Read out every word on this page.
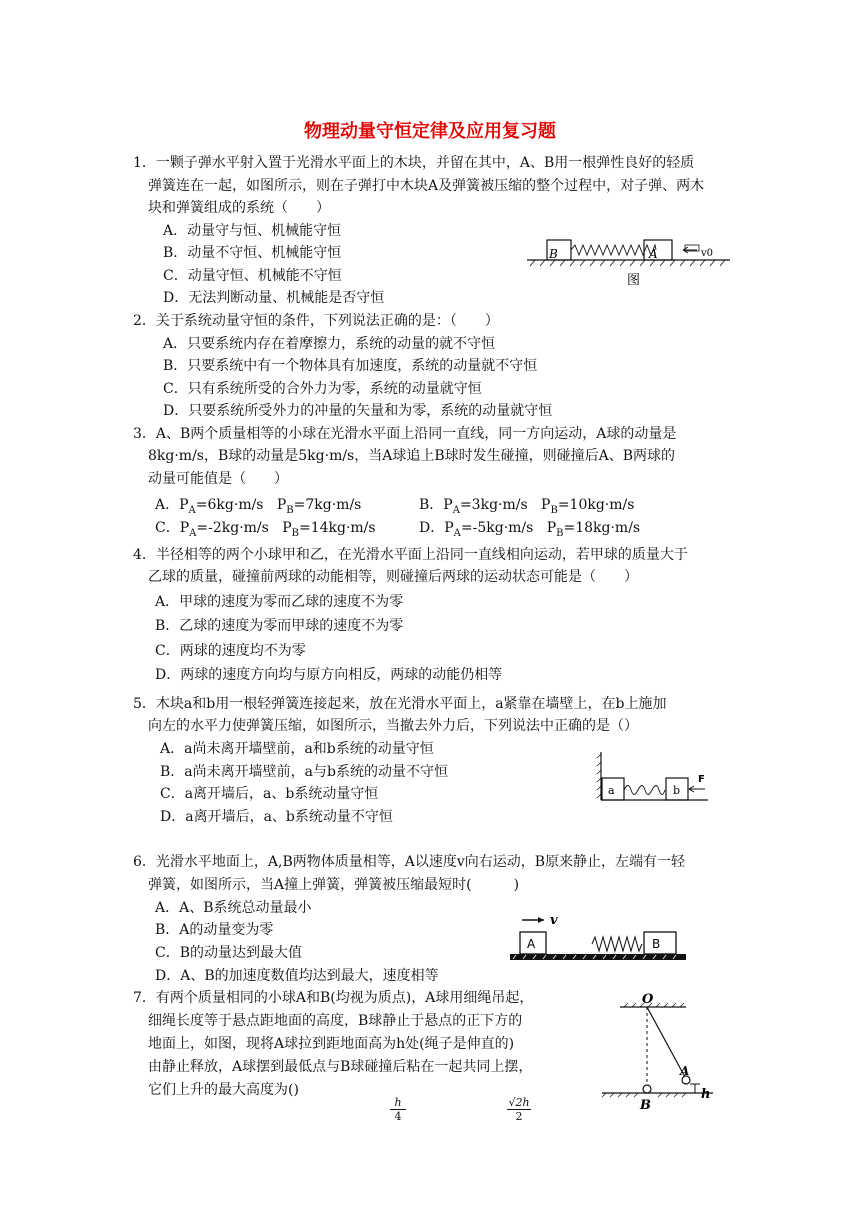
物理动量守恒定律及应用复习题
1．一颗子弹水平射入置于光滑水平面上的木块，并留在其中，A、B用一根弹性良好的轻质
弹簧连在一起，如图所示，则在子弹打中木块A及弹簧被压缩的整个过程中，对子弹、两木
块和弹簧组成的系统（　　）
A．动量守与恒、机械能守恒
B．动量不守恒、机械能守恒
C．动量守恒、机械能不守恒
D．无法判断动量、机械能是否守恒
B	A	v0
图
2．关于系统动量守恒的条件，下列说法正确的是：（　　）
A．只要系统内存在着摩擦力，系统的动量的就不守恒
B．只要系统中有一个物体具有加速度，系统的动量就不守恒
C．只有系统所受的合外力为零，系统的动量就守恒
D．只要系统所受外力的冲量的矢量和为零，系统的动量就守恒
3．A、B两个质量相等的小球在光滑水平面上沿同一直线，同一方向运动，A球的动量是
8kg·m/s，B球的动量是5kg·m/s，当A球追上B球时发生碰撞，则碰撞后A、B两球的
动量可能值是（　　）
A．$P_A=6kg\cdot m/s$ $P_B=7kg\cdot m/s$	B．$P_A=3kg\cdot m/s$ $P_B=10kg\cdot m/s$
C．$P_A=-2kg\cdot m/s$ $P_B=14kg\cdot m/s$	D．$P_A=-5kg\cdot m/s$ $P_B=18kg\cdot m/s$
4．半径相等的两个小球甲和乙，在光滑水平面上沿同一直线相向运动，若甲球的质量大于
乙球的质量，碰撞前两球的动能相等，则碰撞后两球的运动状态可能是（　　）
A．甲球的速度为零而乙球的速度不为零
B．乙球的速度为零而甲球的速度不为零
C．两球的速度均不为零
D．两球的速度方向均与原方向相反，两球的动能仍相等
5．木块a和b用一根轻弹簧连接起来，放在光滑水平面上，a紧靠在墙壁上，在b上施加
向左的水平力使弹簧压缩，如图所示，当撤去外力后，下列说法中正确的是（）
A．a尚未离开墙壁前，a和b系统的动量守恒
B．a尚未离开墙壁前，a与b系统的动量不守恒
C．a离开墙后，a、b系统动量守恒
D．a离开墙后，a、b系统动量不守恒
a	b
F
6．光滑水平地面上，A,B两物体质量相等，A以速度v向右运动，B原来静止，左端有一轻
弹簧，如图所示，当A撞上弹簧，弹簧被压缩最短时(　　　)
A．A、B系统总动量最小
B．A的动量变为零
C．B的动量达到最大值
D．A、B的加速度数值均达到最大，速度相等
v
A	B
7．有两个质量相同的小球A和B(均视为质点)，A球用细绳吊起，
细绳长度等于悬点距地面的高度，B球静止于悬点的正下方的
地面上，如图，现将A球拉到距地面高为h处(绳子是伸直的)
由静止释放，A球摆到最低点与B球碰撞后粘在一起共同上摆，
它们上升的最大高度为()
$\frac{h}{4}$	$\frac{√2h}{2}$
O
A
B
h
